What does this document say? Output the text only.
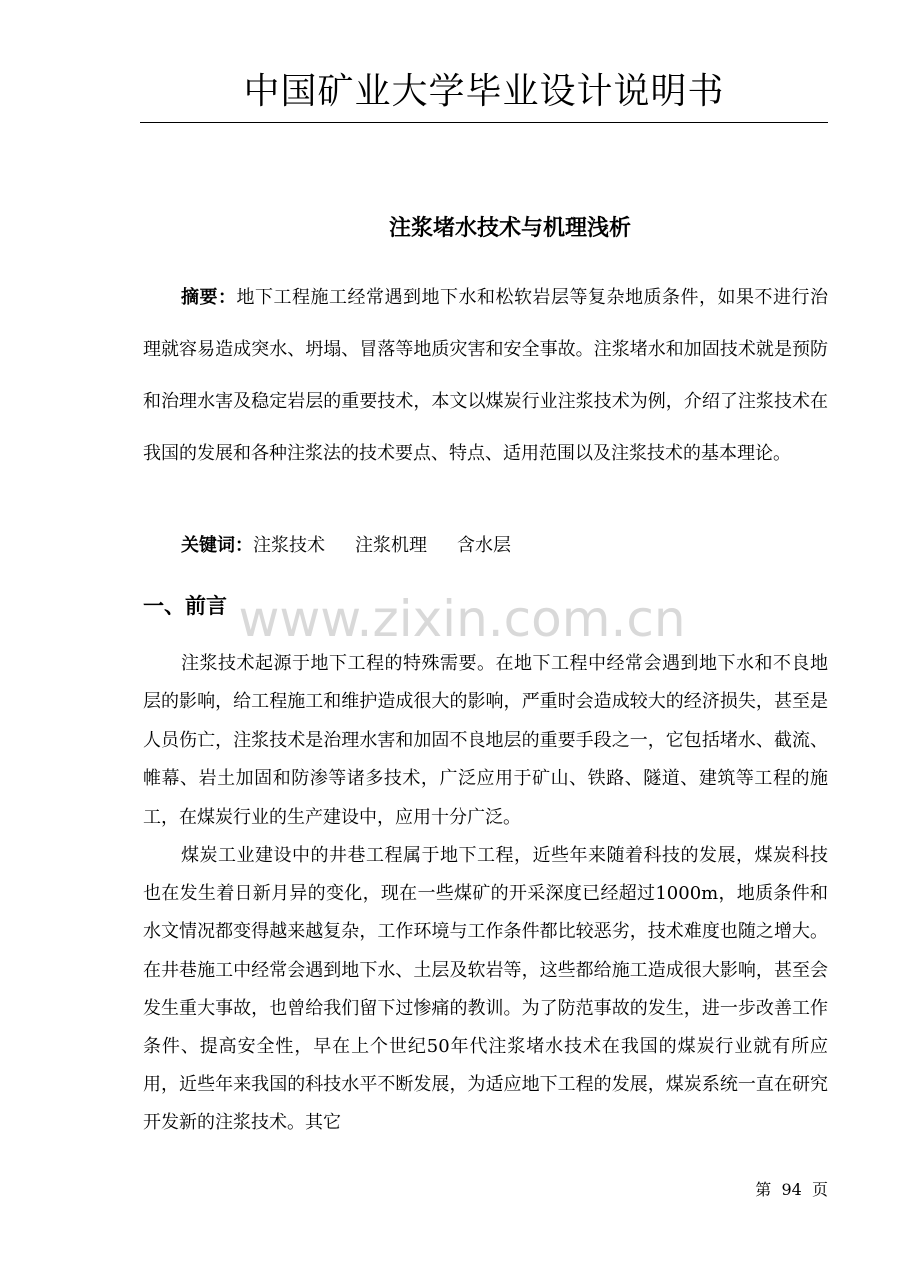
中国矿业大学毕业设计说明书
注浆堵水技术与机理浅析

摘要：地下工程施工经常遇到地下水和松软岩层等复杂地质条件，如果不进行治理就容易造成突水、坍塌、冒落等地质灾害和安全事故。注浆堵水和加固技术就是预防和治理水害及稳定岩层的重要技术，本文以煤炭行业注浆技术为例，介绍了注浆技术在我国的发展和各种注浆法的技术要点、特点、适用范围以及注浆技术的基本理论。

关键词：注浆技术 注浆机理 含水层

一、前言 www.zixin.com.cn

注浆技术起源于地下工程的特殊需要。在地下工程中经常会遇到地下水和不良地层的影响，给工程施工和维护造成很大的影响，严重时会造成较大的经济损失，甚至是人员伤亡，注浆技术是治理水害和加固不良地层的重要手段之一，它包括堵水、截流、帷幕、岩土加固和防渗等诸多技术，广泛应用于矿山、铁路、隧道、建筑等工程的施工，在煤炭行业的生产建设中，应用十分广泛。

煤炭工业建设中的井巷工程属于地下工程，近些年来随着科技的发展，煤炭科技也在发生着日新月异的变化，现在一些煤矿的开采深度已经超过1000m，地质条件和水文情况都变得越来越复杂，工作环境与工作条件都比较恶劣，技术难度也随之增大。在井巷施工中经常会遇到地下水、土层及软岩等，这些都给施工造成很大影响，甚至会发生重大事故，也曾给我们留下过惨痛的教训。为了防范事故的发生，进一步改善工作条件、提高安全性，早在上个世纪50年代注浆堵水技术在我国的煤炭行业就有所应用，近些年来我国的科技水平不断发展，为适应地下工程的发展，煤炭系统一直在研究开发新的注浆技术。其它

第  94  页
